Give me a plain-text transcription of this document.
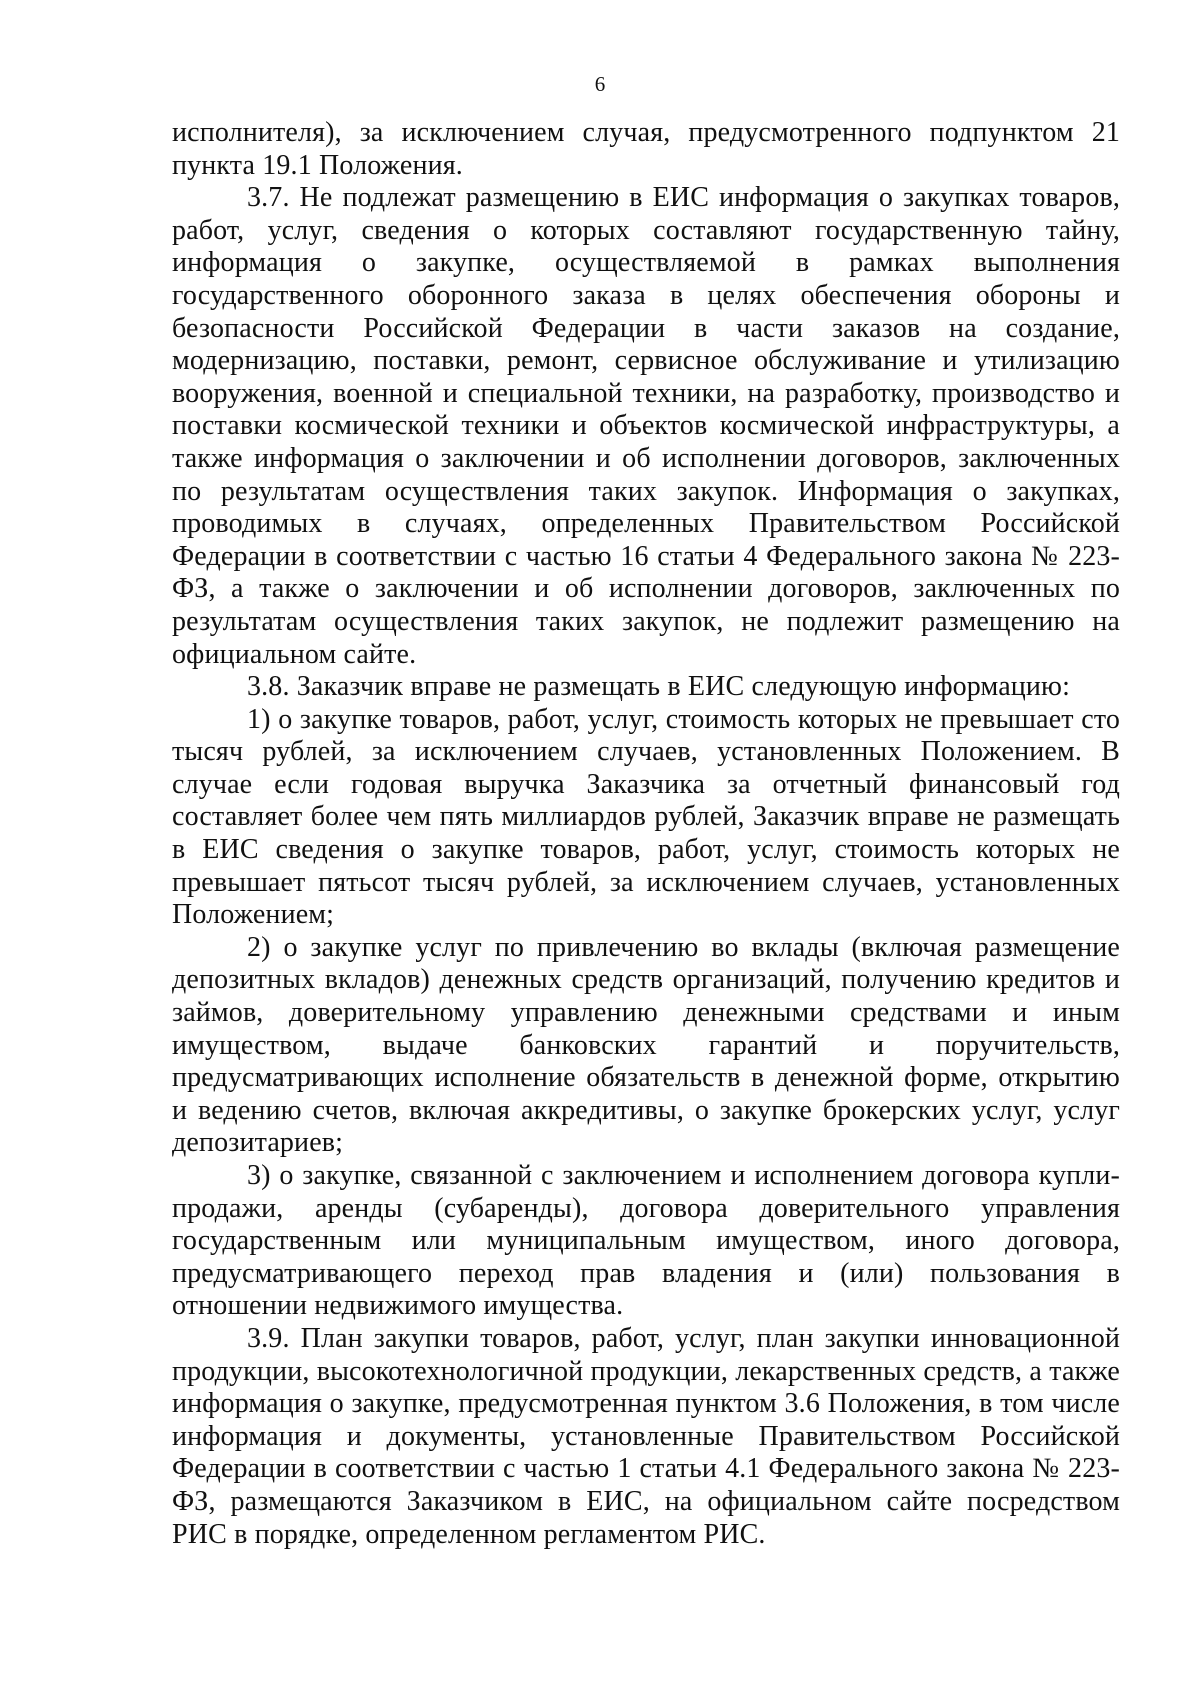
6

исполнителя), за исключением случая, предусмотренного подпунктом 21 пункта 19.1 Положения.

3.7. Не подлежат размещению в ЕИС информация о закупках товаров, работ, услуг, сведения о которых составляют государственную тайну, информация о закупке, осуществляемой в рамках выполнения государственного оборонного заказа в целях обеспечения обороны и безопасности Российской Федерации в части заказов на создание, модернизацию, поставки, ремонт, сервисное обслуживание и утилизацию вооружения, военной и специальной техники, на разработку, производство и поставки космической техники и объектов космической инфраструктуры, а также информация о заключении и об исполнении договоров, заключенных по результатам осуществления таких закупок. Информация о закупках, проводимых в случаях, определенных Правительством Российской Федерации в соответствии с частью 16 статьи 4 Федерального закона № 223-ФЗ, а также о заключении и об исполнении договоров, заключенных по результатам осуществления таких закупок, не подлежит размещению на официальном сайте.

3.8. Заказчик вправе не размещать в ЕИС следующую информацию:

1) о закупке товаров, работ, услуг, стоимость которых не превышает сто тысяч рублей, за исключением случаев, установленных Положением. В случае если годовая выручка Заказчика за отчетный финансовый год составляет более чем пять миллиардов рублей, Заказчик вправе не размещать в ЕИС сведения о закупке товаров, работ, услуг, стоимость которых не превышает пятьсот тысяч рублей, за исключением случаев, установленных Положением;

2) о закупке услуг по привлечению во вклады (включая размещение депозитных вкладов) денежных средств организаций, получению кредитов и займов, доверительному управлению денежными средствами и иным имуществом, выдаче банковских гарантий и поручительств, предусматривающих исполнение обязательств в денежной форме, открытию и ведению счетов, включая аккредитивы, о закупке брокерских услуг, услуг депозитариев;

3) о закупке, связанной с заключением и исполнением договора купли-продажи, аренды (субаренды), договора доверительного управления государственным или муниципальным имуществом, иного договора, предусматривающего переход прав владения и (или) пользования в отношении недвижимого имущества.

3.9. План закупки товаров, работ, услуг, план закупки инновационной продукции, высокотехнологичной продукции, лекарственных средств, а также информация о закупке, предусмотренная пунктом 3.6 Положения, в том числе информация и документы, установленные Правительством Российской Федерации в соответствии с частью 1 статьи 4.1 Федерального закона № 223-ФЗ, размещаются Заказчиком в ЕИС, на официальном сайте посредством РИС в порядке, определенном регламентом РИС.
